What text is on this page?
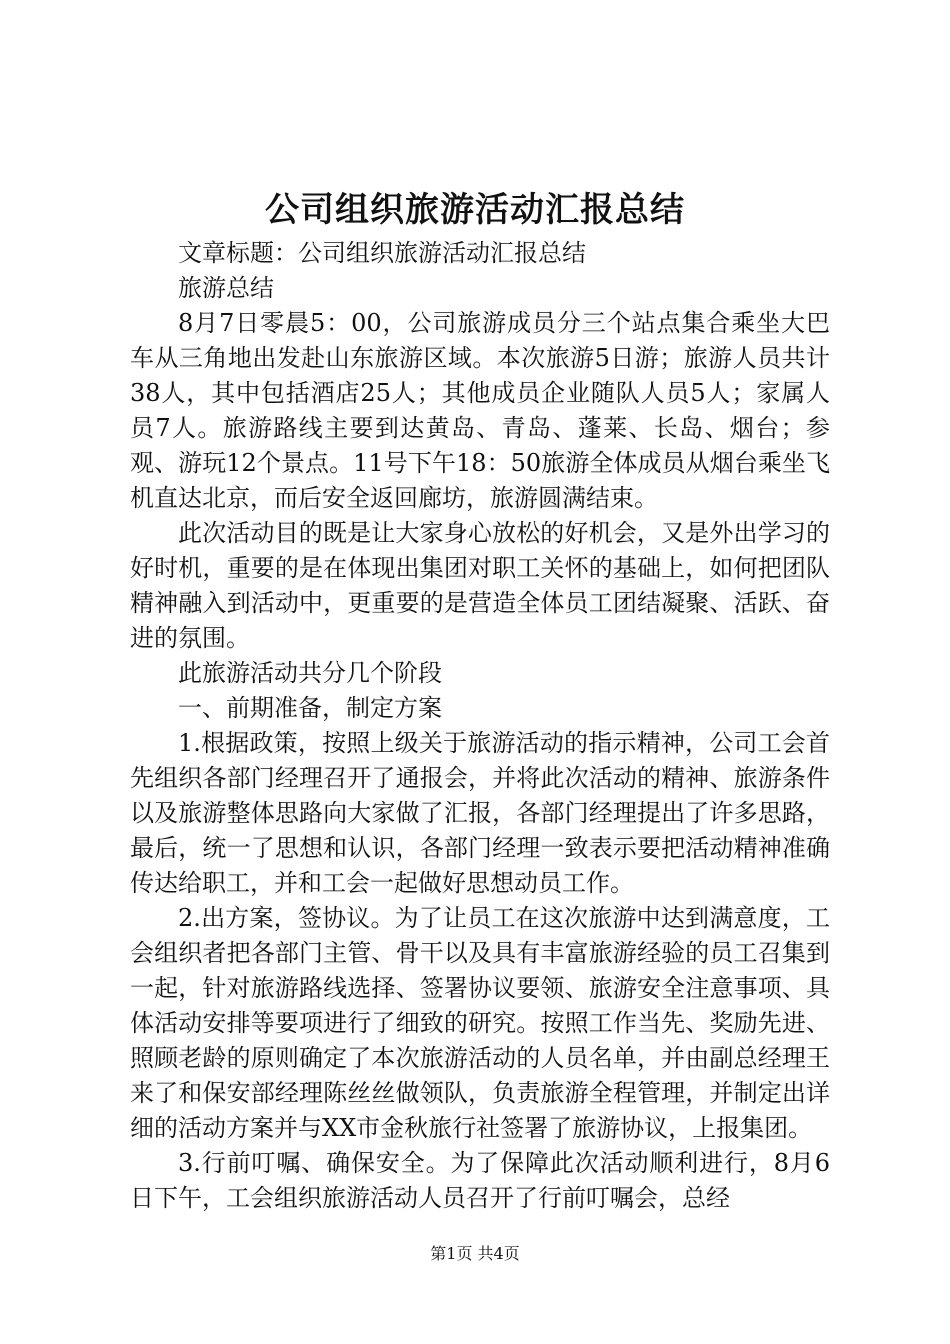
公司组织旅游活动汇报总结

文章标题：公司组织旅游活动汇报总结

旅游总结

8月7日零晨5：00，公司旅游成员分三个站点集合乘坐大巴车从三角地出发赴山东旅游区域。本次旅游5日游；旅游人员共计38人，其中包括酒店25人；其他成员企业随队人员5人；家属人员7人。旅游路线主要到达黄岛、青岛、蓬莱、长岛、烟台；参观、游玩12个景点。11号下午18：50旅游全体成员从烟台乘坐飞机直达北京，而后安全返回廊坊，旅游圆满结束。

此次活动目的既是让大家身心放松的好机会，又是外出学习的好时机，重要的是在体现出集团对职工关怀的基础上，如何把团队精神融入到活动中，更重要的是营造全体员工团结凝聚、活跃、奋进的氛围。

此旅游活动共分几个阶段

一、前期准备，制定方案

1.根据政策，按照上级关于旅游活动的指示精神，公司工会首先组织各部门经理召开了通报会，并将此次活动的精神、旅游条件以及旅游整体思路向大家做了汇报，各部门经理提出了许多思路，最后，统一了思想和认识，各部门经理一致表示要把活动精神准确传达给职工，并和工会一起做好思想动员工作。

2.出方案，签协议。为了让员工在这次旅游中达到满意度，工会组织者把各部门主管、骨干以及具有丰富旅游经验的员工召集到一起，针对旅游路线选择、签署协议要领、旅游安全注意事项、具体活动安排等要项进行了细致的研究。按照工作当先、奖励先进、照顾老龄的原则确定了本次旅游活动的人员名单，并由副总经理王来了和保安部经理陈丝丝做领队，负责旅游全程管理，并制定出详细的活动方案并与XX市金秋旅行社签署了旅游协议，上报集团。

3.行前叮嘱、确保安全。为了保障此次活动顺利进行，8月6日下午，工会组织旅游活动人员召开了行前叮嘱会，总经

第1页 共4页
